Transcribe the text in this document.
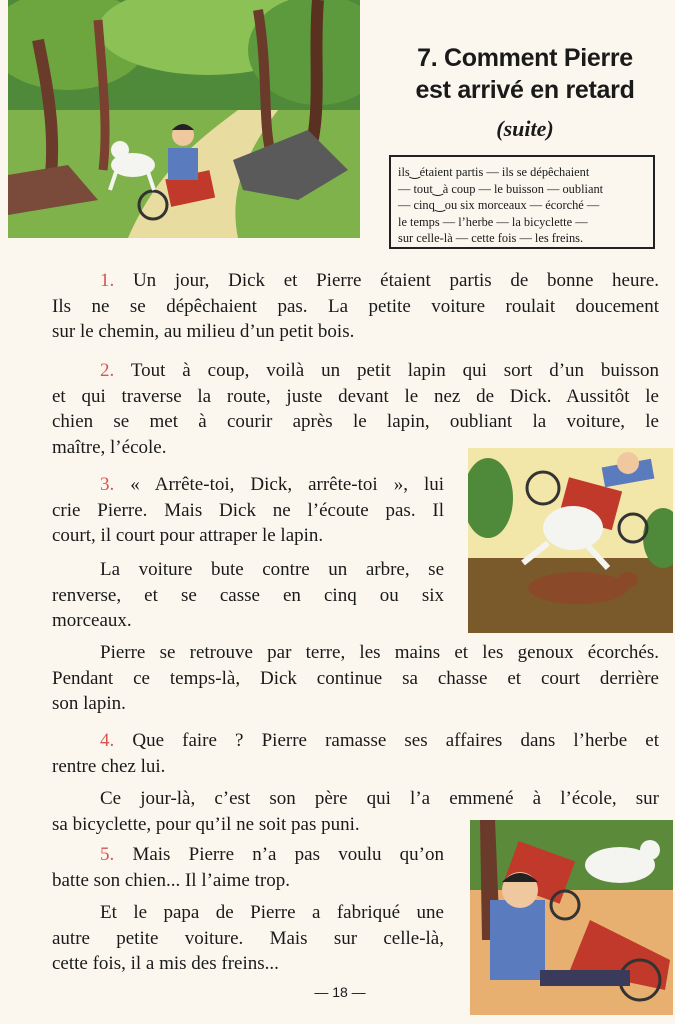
7. Comment Pierre
est arrivé en retard
(suite)
ils‿étaient partis — ils se dépêchaient
— tout‿à coup — le buisson — oubliant
— cinq‿ou six morceaux — écorché —
le temps — l’herbe — la bicyclette —
sur celle-là — cette fois — les freins.
1. Un jour, Dick et Pierre étaient partis de bonne heure.
Ils ne se dépêchaient pas. La petite voiture roulait doucement
sur le chemin, au milieu d’un petit bois.
2. Tout à coup, voilà un petit lapin qui sort d’un buisson
et qui traverse la route, juste devant le nez de Dick. Aussitôt le
chien se met à courir après le lapin, oubliant la voiture, le
maître, l’école.
3. « Arrête-toi, Dick, arrête-toi », lui
crie Pierre. Mais Dick ne l’écoute pas. Il
court, il court pour attraper le lapin.
La voiture bute contre un arbre, se
renverse, et se casse en cinq ou six
morceaux.
Pierre se retrouve par terre, les mains et les genoux écorchés.
Pendant ce temps-là, Dick continue sa chasse et court derrière
son lapin.
4. Que faire ? Pierre ramasse ses affaires dans l’herbe et
rentre chez lui.
Ce jour-là, c’est son père qui l’a emmené à l’école, sur
sa bicyclette, pour qu’il ne soit pas puni.
5. Mais Pierre n’a pas voulu qu’on
batte son chien... Il l’aime trop.
Et le papa de Pierre a fabriqué une
autre petite voiture. Mais sur celle-là,
cette fois, il a mis des freins...
— 18 —
